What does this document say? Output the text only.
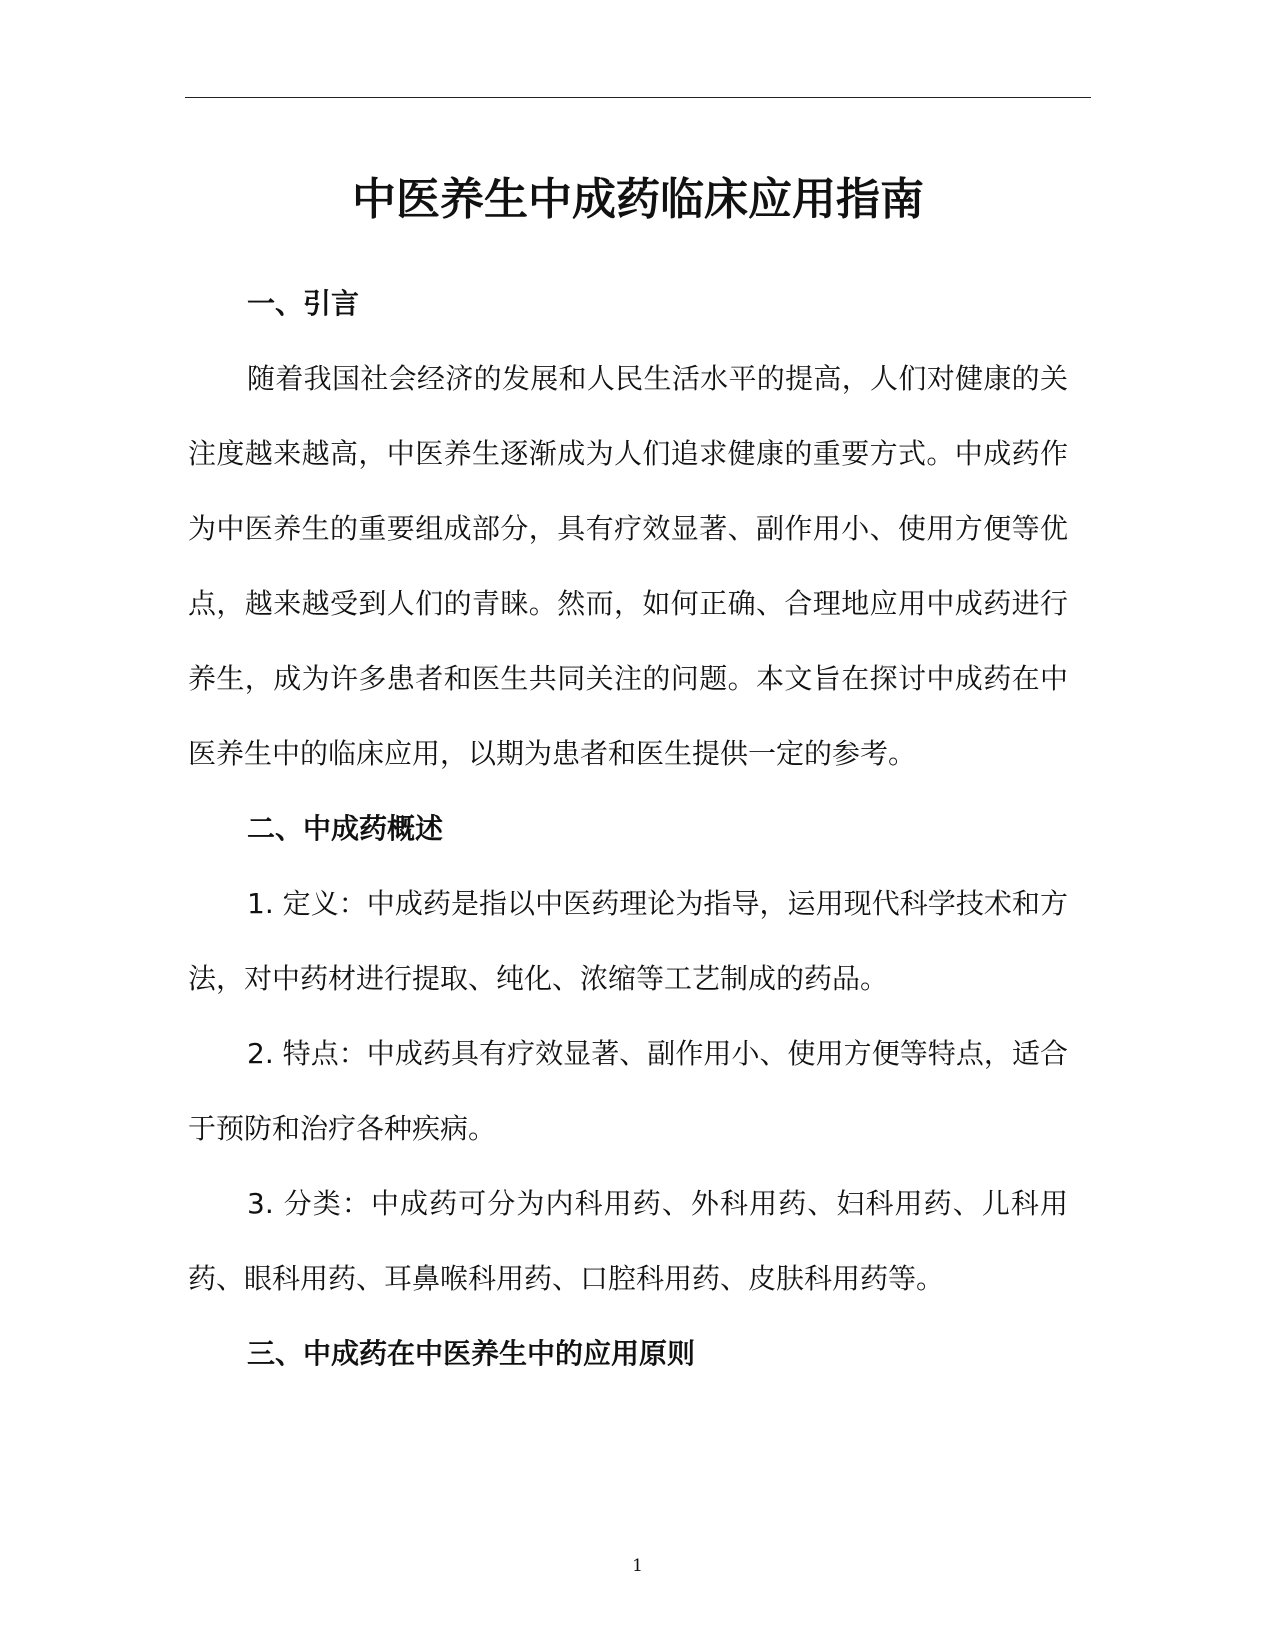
中医养生中成药临床应用指南

一、引言

随着我国社会经济的发展和人民生活水平的提高，人们对健康的关注度越来越高，中医养生逐渐成为人们追求健康的重要方式。中成药作为中医养生的重要组成部分，具有疗效显著、副作用小、使用方便等优点，越来越受到人们的青睐。然而，如何正确、合理地应用中成药进行养生，成为许多患者和医生共同关注的问题。本文旨在探讨中成药在中医养生中的临床应用，以期为患者和医生提供一定的参考。

二、中成药概述

1. 定义：中成药是指以中医药理论为指导，运用现代科学技术和方法，对中药材进行提取、纯化、浓缩等工艺制成的药品。

2. 特点：中成药具有疗效显著、副作用小、使用方便等特点，适合于预防和治疗各种疾病。

3. 分类：中成药可分为内科用药、外科用药、妇科用药、儿科用药、眼科用药、耳鼻喉科用药、口腔科用药、皮肤科用药等。

三、中成药在中医养生中的应用原则

1
